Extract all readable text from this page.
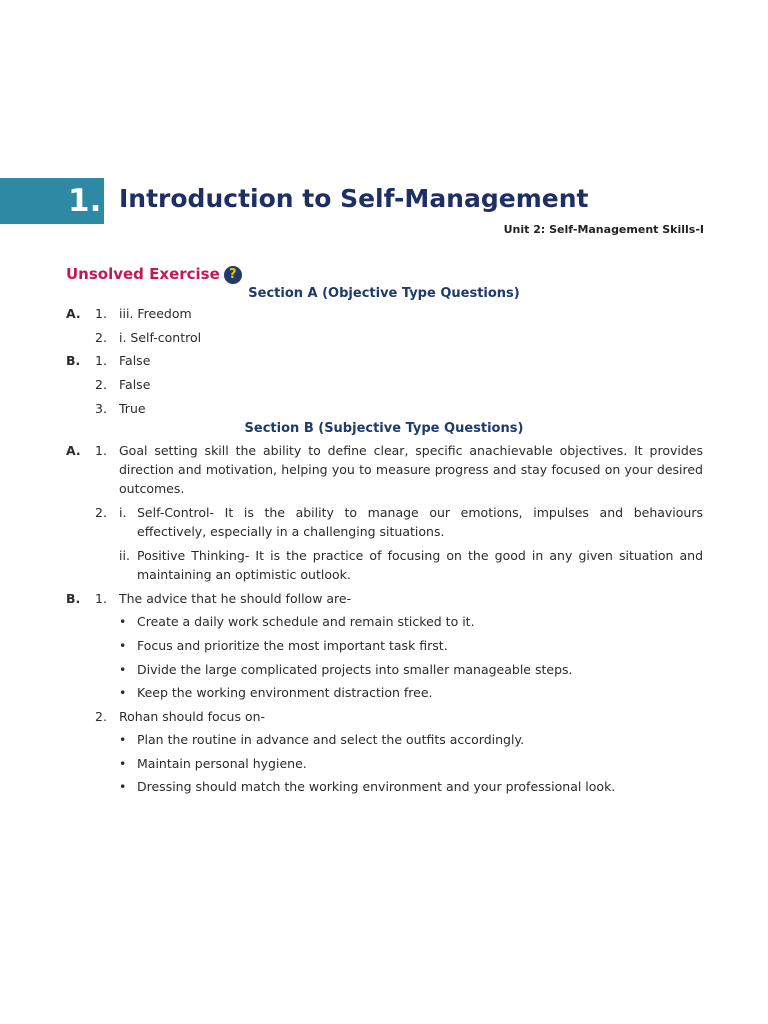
1. Introduction to Self-Management
Unit 2: Self-Management Skills-I
Unsolved Exercise ?
Section A (Objective Type Questions)
A. 1. iii. Freedom
2. i. Self-control
B. 1. False
2. False
3. True
Section B (Subjective Type Questions)
A. 1. Goal setting skill the ability to define clear, specific anachievable objectives. It provides direction and motivation, helping you to measure progress and stay focused on your desired outcomes.
2. i. Self-Control- It is the ability to manage our emotions, impulses and behaviours effectively, especially in a challenging situations.
ii. Positive Thinking- It is the practice of focusing on the good in any given situation and maintaining an optimistic outlook.
B. 1. The advice that he should follow are-
• Create a daily work schedule and remain sticked to it.
• Focus and prioritize the most important task first.
• Divide the large complicated projects into smaller manageable steps.
• Keep the working environment distraction free.
2. Rohan should focus on-
• Plan the routine in advance and select the outfits accordingly.
• Maintain personal hygiene.
• Dressing should match the working environment and your professional look.
